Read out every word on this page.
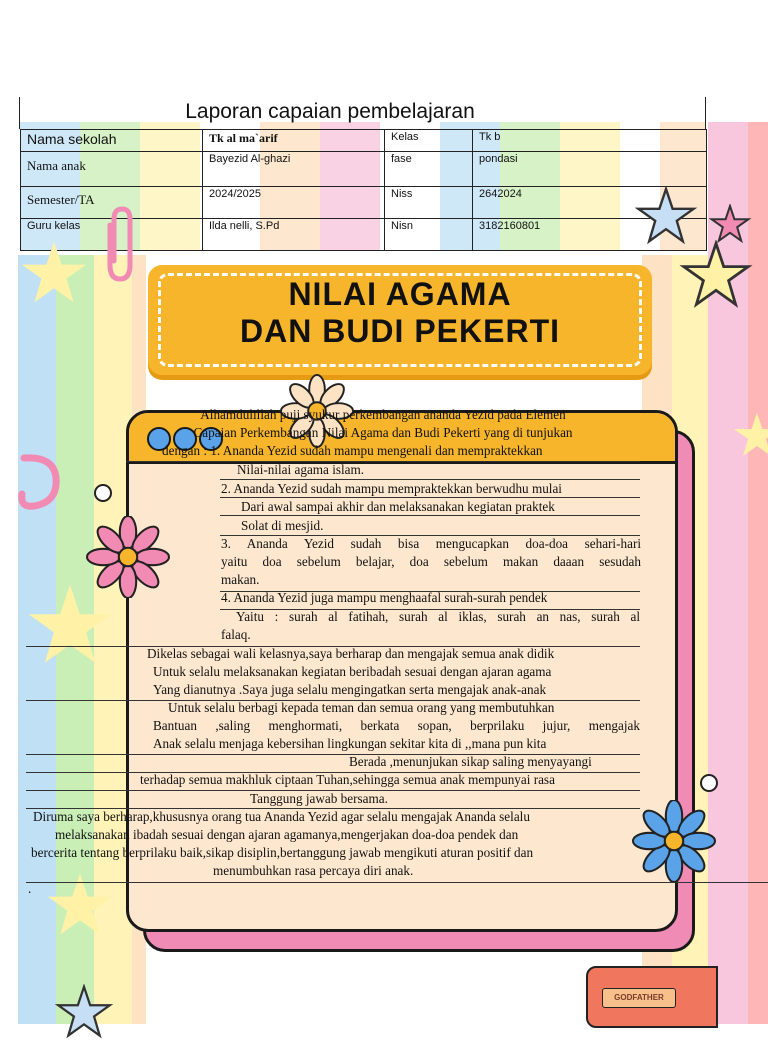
Laporan capaian pembelajaran
Nama sekolah	Tk al ma`arif	Kelas	Tk b
Nama anak	Bayezid Al-ghazi	fase	pondasi
Semester/TA	2024/2025	Niss	2642024
Guru kelas	Ilda nelli, S.Pd	Nisn	3182160801
NILAI AGAMA
DAN BUDI PEKERTI
GODFATHER
Alhamdulillah puji syukur perkembangan ananda Yezid pada Elemen
Capaian Perkembangan Nilai Agama dan Budi Pekerti yang di tunjukan
dengan : 1. Ananda Yezid sudah mampu mengenali dan mempraktekkan
Nilai-nilai agama islam.
2. Ananda Yezid sudah mampu mempraktekkan berwudhu mulai
Dari awal sampai akhir dan melaksanakan kegiatan praktek
Solat di mesjid.
3. Ananda Yezid sudah bisa mengucapkan doa-doa sehari-hari
yaitu doa sebelum belajar, doa sebelum makan daaan sesudah
makan.
4. Ananda Yezid juga mampu menghaafal surah-surah pendek
Yaitu : surah al fatihah, surah al iklas, surah an nas, surah al
falaq.
Dikelas sebagai wali kelasnya,saya berharap dan mengajak semua anak didik
Untuk selalu melaksanakan kegiatan beribadah sesuai dengan ajaran agama
Yang dianutnya .Saya juga selalu mengingatkan serta mengajak anak-anak
Untuk selalu berbagi kepada teman dan semua orang yang membutuhkan
Bantuan ,saling menghormati, berkata sopan, berprilaku jujur, mengajak
Anak selalu menjaga kebersihan lingkungan sekitar kita di ,,mana pun kita
Berada ,menunjukan sikap saling menyayangi
terhadap semua makhluk ciptaan Tuhan,sehingga semua anak mempunyai rasa
Tanggung jawab bersama.
Diruma saya berharap,khususnya orang tua Ananda Yezid agar selalu mengajak Ananda selalu
melaksanakan ibadah sesuai dengan ajaran agamanya,mengerjakan doa-doa pendek dan
bercerita tentang berprilaku baik,sikap disiplin,bertanggung jawab mengikuti aturan positif dan
menumbuhkan rasa percaya diri anak.
.
